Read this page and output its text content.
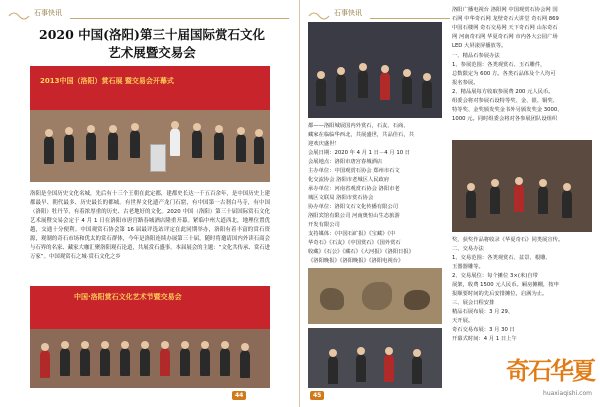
石事快讯
2020 中国(洛阳)第三十届国际赏石文化
艺术展暨交易会
2013中国（洛阳）赏石展 暨交易会开幕式

洛阳是全国历史文化名城，先后有十三个王朝在此定都，建都史长达一千五百余年，是中国历史上建都最早、朝代最多、历史最长的都城。有世界文化遗产龙门石窟，有中国第一古刹白马寺，有中国（洛阳）牡丹节，有着浓厚重的历史、古老地好的文化。2020 中国（洛阳）第三十届国际赏石文化艺术展暨交易会定于 4 月 1 日在洛阳市唐宫路春城酒店隆重开幕。紧临中州大道西北，地理位置优越，交通十分便利。中国观赏石协会第 16 届最评选站评定在此同期举办，洛阳有着丰富的赏石资源，观制的奇石市场和优太的赏石群体，今年是洛阳连续办展第三十届，随时将邀请国内外读石商会与石界的名家、藏家大咖汇聚洛阳观石论道，共展赏石盛事。本届展会的主题：“文化共传承、赏石进万家”。中国观赏石之城·赏石文化之乡

中国·洛阳赏石文化艺术节暨交易会
44
石事快讯

都——洛阳城展国内外赏石，石友、石商、

藏家在临临华西北，共展盛世，共品佳石，共

迎欢庆盛世！

会展日期：2020 年 4 月 1 日－4 月 10 日

会展地点：洛阳市唐宫春城酒店

主办单位：中国观赏石协会 郑州市石文

化交流协会 洛阳市老城区人民政府

承办单位：河南省观赏石协会 洛阳市老

城区文联局 洛阳市赏石协会

协办单位：洛阳文石文化传播有限公司

洛阳宾馆有限公司 河南奥恒山生态旅游

开发有限公司

支持媒体：《中国石矿报》《宝藏》《中

华奇石》《石友》《中国赏石》《国外赏石

收藏》《石公》《藏石》《大河报》《洛阳日报》

《洛阳晚报》《洛阳晚报》《洛阳电视台》

洛阳广播电视台 洛阳网 中国观赏石协会网 国

石网 中华奇石网 龙壁奇石大讲堂 奇石网 869

中国石楼网 奇石交易网 天下奇石网 山东奇石

网 河南奇石网 华夏奇石网 市内各大公园广场

LED 大屏滚屏播放等。

45
奇石华夏
huaxiaqishi.com

一、精品石参展办法

1、参展范围：各类观赏石、玉石雕件，

总数限定为 600 方。各类石品体及个人均可

报名参展。

2、精品展每方收取参展费 200 元人民币。

组委会将对参展石设特等奖、金、银、铜奖、

特等奖、金奖颁发奖金书外另颁发奖金 3000、

1000 元。同时组委会将对各参展团队设组织

奖，获奖作品将收录《华夏奇石》同类展宣传。

二、交易办法

1、交易范围：各类观赏石、盆景、根雕、

玉器器雕等。

2、交易展位：每个摊位 3×(米)自带

展架，收费 1500 元人民币。厢房摊棚，按申

报顺要时间的先后安排摊位，启满为止。

三、展会日程安排

精品石展布展：3 月 29、

天开展。

奇石交易布展：3 月 30 日

开幕式时间：4 月 1 日上午
